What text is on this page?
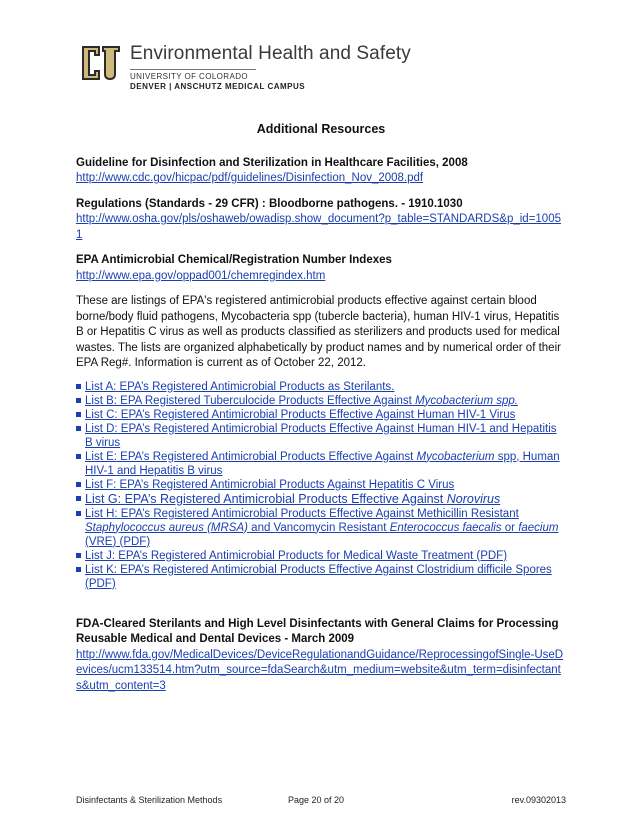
Environmental Health and Safety
UNIVERSITY OF COLORADO
DENVER | ANSCHUTZ MEDICAL CAMPUS
Additional Resources
Guideline for Disinfection and Sterilization in Healthcare Facilities, 2008
http://www.cdc.gov/hicpac/pdf/guidelines/Disinfection_Nov_2008.pdf
Regulations (Standards - 29 CFR) : Bloodborne pathogens. - 1910.1030
http://www.osha.gov/pls/oshaweb/owadisp.show_document?p_table=STANDARDS&p_id=10051
EPA Antimicrobial Chemical/Registration Number Indexes
http://www.epa.gov/oppad001/chemregindex.htm

These are listings of EPA's registered antimicrobial products effective against certain blood borne/body fluid pathogens, Mycobacteria spp (tubercle bacteria), human HIV-1 virus, Hepatitis B or Hepatitis C virus as well as products classified as sterilizers and products used for medical wastes. The lists are organized alphabetically by product names and by numerical order of their EPA Reg#. Information is current as of October 22, 2012.

List A: EPA’s Registered Antimicrobial Products as Sterilants.
List B: EPA Registered Tuberculocide Products Effective Against Mycobacterium spp.
List C: EPA’s Registered Antimicrobial Products Effective Against Human HIV-1 Virus
List D: EPA’s Registered Antimicrobial Products Effective Against Human HIV-1 and Hepatitis B virus
List E: EPA’s Registered Antimicrobial Products Effective Against Mycobacterium spp, Human HIV-1 and Hepatitis B virus
List F: EPA’s Registered Antimicrobial Products Against Hepatitis C Virus
List G: EPA’s Registered Antimicrobial Products Effective Against Norovirus
List H: EPA’s Registered Antimicrobial Products Effective Against Methicillin Resistant Staphylococcus aureus (MRSA) and Vancomycin Resistant Enterococcus faecalis or faecium (VRE) (PDF)
List J: EPA’s Registered Antimicrobial Products for Medical Waste Treatment (PDF)
List K: EPA’s Registered Antimicrobial Products Effective Against Clostridium difficile Spores (PDF)
FDA-Cleared Sterilants and High Level Disinfectants with General Claims for Processing Reusable Medical and Dental Devices - March 2009
http://www.fda.gov/MedicalDevices/DeviceRegulationandGuidance/ReprocessingofSingle-UseDevices/ucm133514.htm?utm_source=fdaSearch&utm_medium=website&utm_term=disinfectants&utm_content=3
Disinfectants & Sterilization Methods	Page 20 of 20	rev.09302013
